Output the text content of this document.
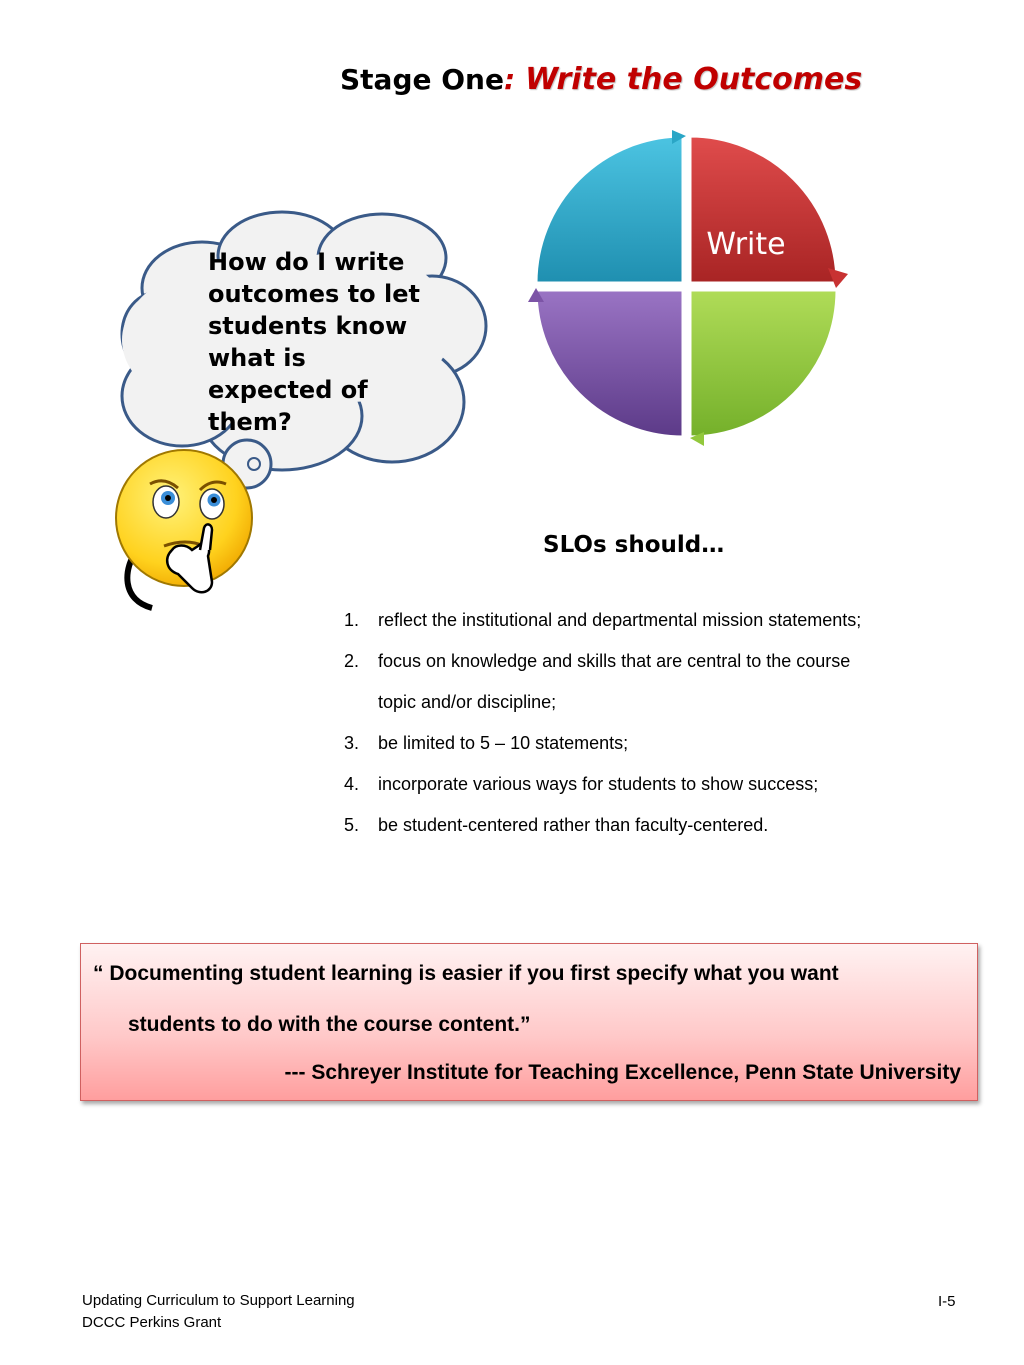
Stage One: Write the Outcomes
Write
How do I write
outcomes to let
students know
what is
expected of
them?
SLOs should…
1. reflect the institutional and departmental mission statements;
2. focus on knowledge and skills that are central to the course
topic and/or discipline;
3. be limited to 5 – 10 statements;
4. incorporate various ways for students to show success;
5. be student-centered rather than faculty-centered.
“ Documenting student learning is easier if you first specify what you want
students to do with the course content.”
--- Schreyer Institute for Teaching Excellence, Penn State University
Updating Curriculum to Support Learning
DCCC Perkins Grant
I-5
